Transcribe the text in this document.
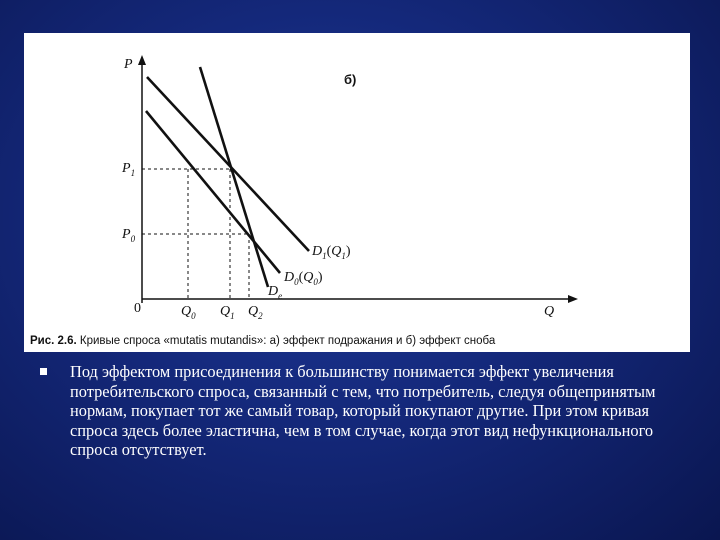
P
Q
0
б)
$P_1$
$P_0$
$Q_0$ $Q_1$ $Q_2$
$D_1(Q_1)$
$D_0(Q_0)$
$D_e$
Рис. 2.6. Кривые спроса «mutatis mutandis»: а) эффект подражания и б) эффект сноба
Под эффектом присоединения к большинству понимается эффект увеличения потребительского спроса, связанный с тем, что потребитель, следуя общепринятым нормам, покупает тот же самый товар, который покупают другие. При этом кривая спроса здесь более эластична, чем в том случае, когда этот вид нефункционального спроса отсутствует.
